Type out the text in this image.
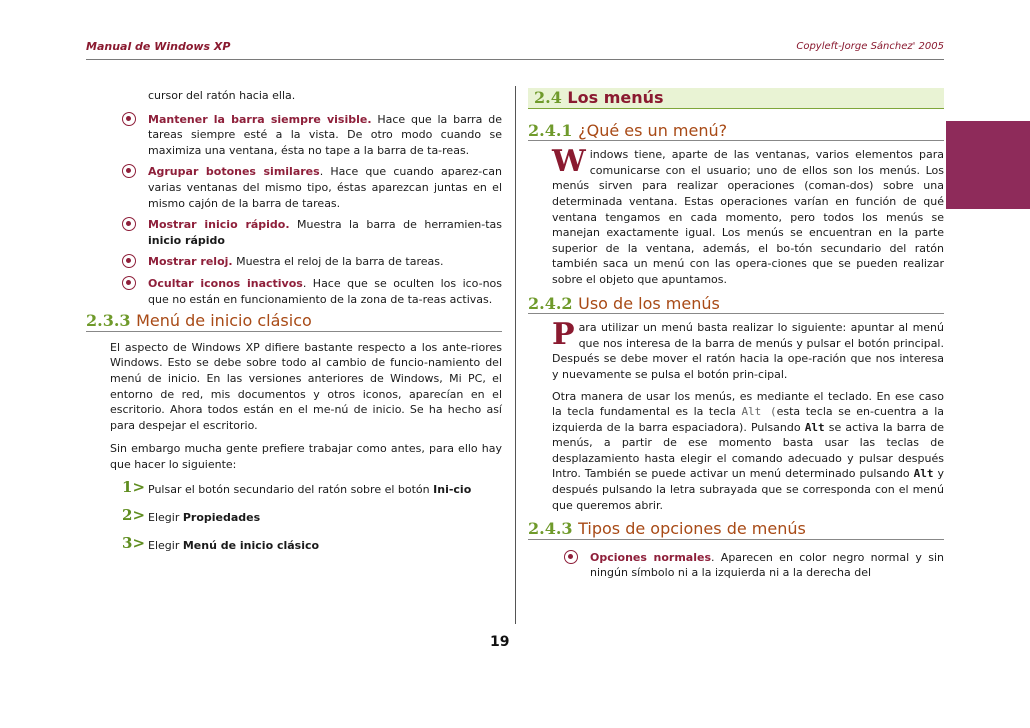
Manual de Windows XP	Copyleft-Jorge Sánchez' 2005
cursor del ratón hacia ella.
Mantener la barra siempre visible. Hace que la barra de tareas siempre esté a la vista. De otro modo cuando se maximiza una ventana, ésta no tape a la barra de ta-reas.
Agrupar botones similares. Hace que cuando aparez-can varias ventanas del mismo tipo, éstas aparezcan juntas en el mismo cajón de la barra de tareas.
Mostrar inicio rápido. Muestra la barra de herramien-tas inicio rápido
Mostrar reloj. Muestra el reloj de la barra de tareas.
Ocultar iconos inactivos. Hace que se oculten los ico-nos que no están en funcionamiento de la zona de ta-reas activas.
2.3.3 Menú de inicio clásico
El aspecto de Windows XP difiere bastante respecto a los ante-riores Windows. Esto se debe sobre todo al cambio de funcio-namiento del menú de inicio. En las versiones anteriores de Windows, Mi PC, el entorno de red, mis documentos y otros iconos, aparecían en el escritorio. Ahora todos están en el me-nú de inicio. Se ha hecho así para despejar el escritorio.
Sin embargo mucha gente prefiere trabajar como antes, para ello hay que hacer lo siguiente:
1> Pulsar el botón secundario del ratón sobre el botón Ini-cio
2> Elegir Propiedades
3> Elegir Menú de inicio clásico
2.4 Los menús
2.4.1 ¿Qué es un menú?
Windows tiene, aparte de las ventanas, varios elementos para comunicarse con el usuario; uno de ellos son los menús. Los menús sirven para realizar operaciones (coman-dos) sobre una determinada ventana. Estas operaciones varían en función de qué ventana tengamos en cada momento, pero todos los menús se manejan exactamente igual. Los menús se encuentran en la parte superior de la ventana, además, el bo-tón secundario del ratón también saca un menú con las opera-ciones que se pueden realizar sobre el objeto que apuntamos.
2.4.2 Uso de los menús
Para utilizar un menú basta realizar lo siguiente: apuntar al menú que nos interesa de la barra de menús y pulsar el botón principal. Después se debe mover el ratón hacia la ope-ración que nos interesa y nuevamente se pulsa el botón prin-cipal.
Otra manera de usar los menús, es mediante el teclado. En ese caso la tecla fundamental es la tecla Alt (esta tecla se en-cuentra a la izquierda de la barra espaciadora). Pulsando Alt se activa la barra de menús, a partir de ese momento basta usar las teclas de desplazamiento hasta elegir el comando adecuado y pulsar después Intro. También se puede activar un menú determinado pulsando Alt y después pulsando la letra subrayada que se corresponda con el menú que queremos abrir.
2.4.3 Tipos de opciones de menús
Opciones normales. Aparecen en color negro normal y sin ningún símbolo ni a la izquierda ni a la derecha del
19
